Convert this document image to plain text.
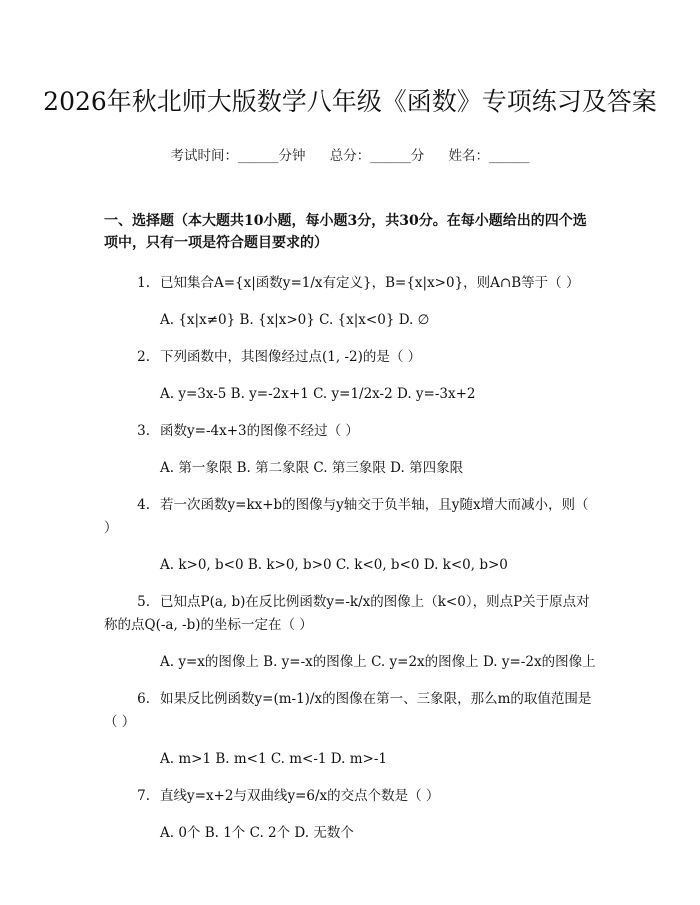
2026年秋北师大版数学八年级《函数》专项练习及答案
考试时间：______分钟 总分：______分 姓名：______
一、选择题（本大题共10小题，每小题3分，共30分。在每小题给出的四个选项中，只有一项是符合题目要求的）
1. 已知集合A={x|函数y=1/x有定义}，B={x|x>0}，则A∩B等于（ ）
A. {x|x≠0} B. {x|x>0} C. {x|x<0} D. ∅
2. 下列函数中，其图像经过点(1, -2)的是（ ）
A. y=3x-5 B. y=-2x+1 C. y=1/2x-2 D. y=-3x+2
3. 函数y=-4x+3的图像不经过（ ）
A. 第一象限 B. 第二象限 C. 第三象限 D. 第四象限
4. 若一次函数y=kx+b的图像与y轴交于负半轴，且y随x增大而减小，则（ ）
A. k>0, b<0 B. k>0, b>0 C. k<0, b<0 D. k<0, b>0
5. 已知点P(a, b)在反比例函数y=-k/x的图像上（k<0），则点P关于原点对称的点Q(-a, -b)的坐标一定在（ ）
A. y=x的图像上 B. y=-x的图像上 C. y=2x的图像上 D. y=-2x的图像上
6. 如果反比例函数y=(m-1)/x的图像在第一、三象限，那么m的取值范围是（ ）
A. m>1 B. m<1 C. m<-1 D. m>-1
7. 直线y=x+2与双曲线y=6/x的交点个数是（ ）
A. 0个 B. 1个 C. 2个 D. 无数个
